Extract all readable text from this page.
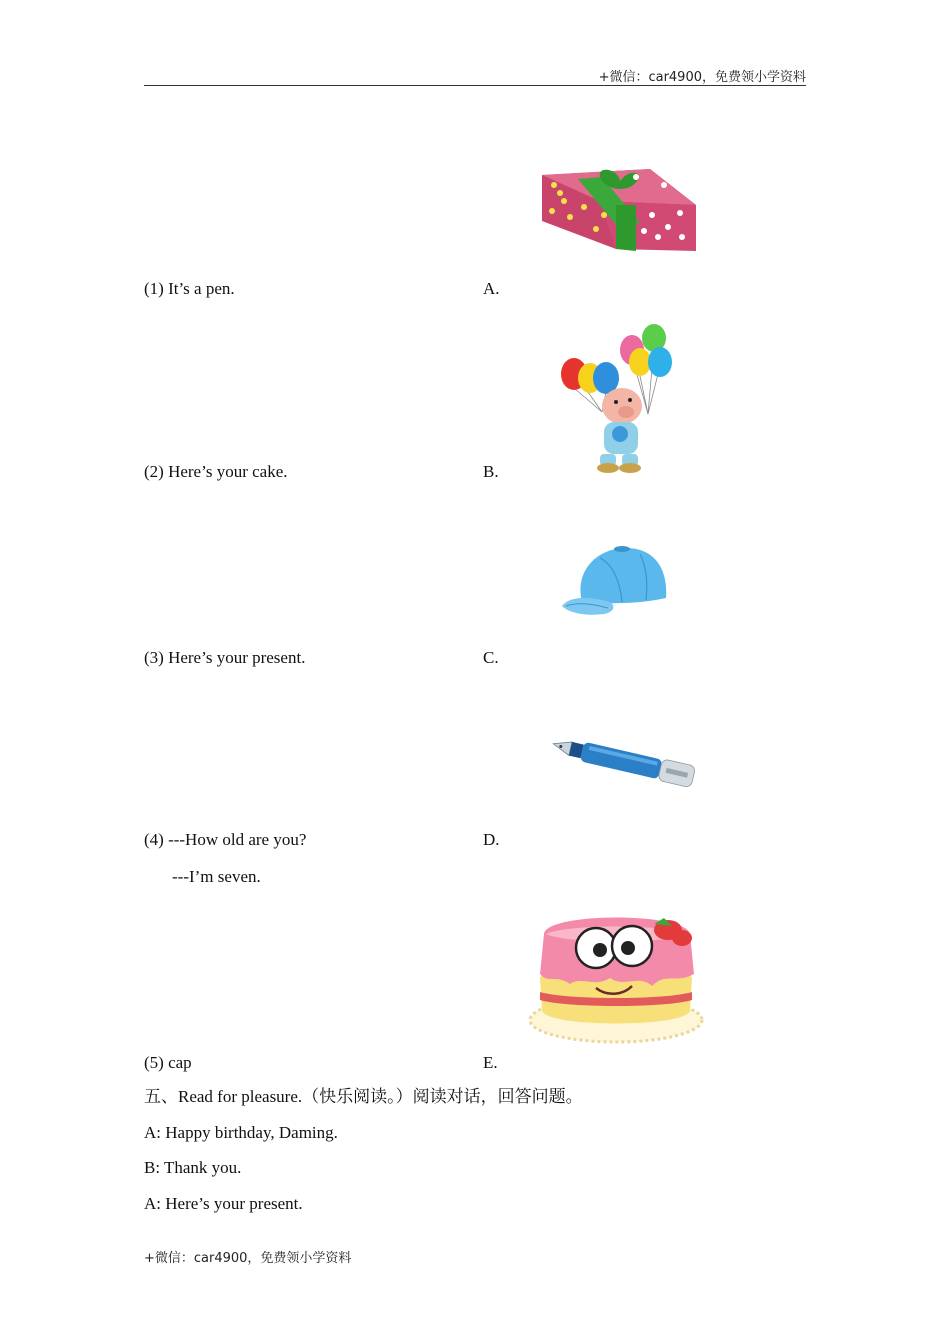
+微信：car4900，免费领小学资料
(1) It’s a pen.
(2) Here’s your cake.
(3) Here’s your present.
(4) ---How old are you?
---I’m seven.
(5) cap
A.
B.
C.
D.
E.
五、Read for pleasure.（快乐阅读。）阅读对话，回答问题。
A: Happy birthday, Daming.
B: Thank you.
A: Here’s your present.
+微信：car4900，免费领小学资料
